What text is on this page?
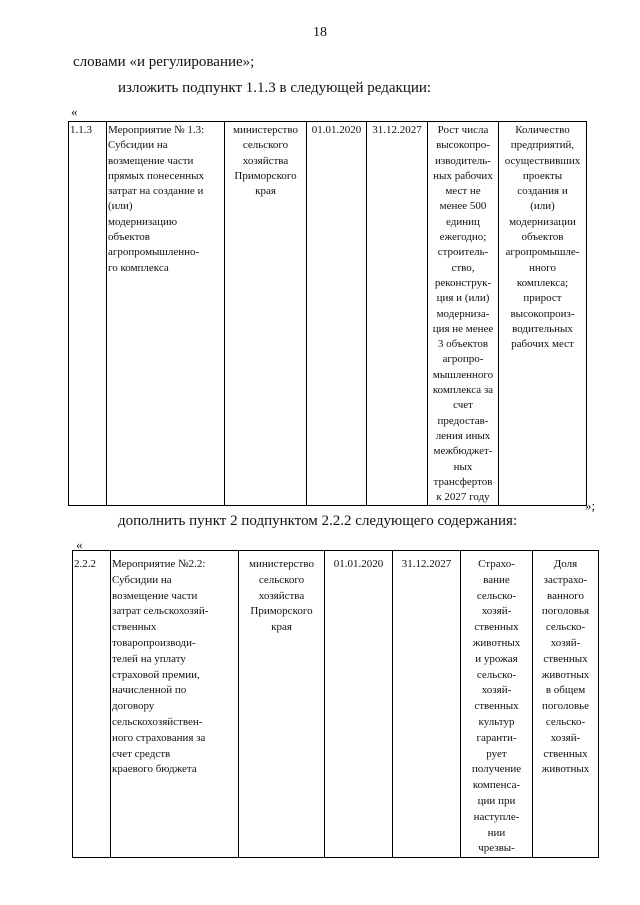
18
словами «и регулирование»;
изложить подпункт 1.1.3 в следующей редакции:
«
1.1.3	Мероприятие № 1.3:
Субсидии на
возмещение части
прямых понесенных
затрат на создание и
(или)
модернизацию
объектов
агропромышленно-
го комплекса	министерство
сельского
хозяйства
Приморского
края	01.01.2020	31.12.2027	Рост числа
высокопро-
изводитель-
ных рабочих
мест не
менее 500
единиц
ежегодно;
строитель-
ство,
реконструк-
ция и (или)
модерниза-
ция не менее
3 объектов
агропро-
мышленного
комплекса за
счет
предостав-
ления иных
межбюджет-
ных
трансфертов
к 2027 году	Количество
предприятий,
осуществивших
проекты
создания и
(или)
модернизации
объектов
агропромышле-
нного
комплекса;
прирост
высокопроиз-
водительных
рабочих мест
»;
дополнить пункт 2 подпунктом 2.2.2 следующего содержания:
«
2.2.2	Мероприятие №2.2:
Субсидии на
возмещение части
затрат сельскохозяй-
ственных
товаропроизводи-
телей на уплату
страховой премии,
начисленной по
договору
сельскохозяйствен-
ного страхования за
счет средств
краевого бюджета	министерство
сельского
хозяйства
Приморского
края	01.01.2020	31.12.2027	Страхо-
вание
сельско-
хозяй-
ственных
животных
и урожая
сельско-
хозяй-
ственных
культур
гаранти-
рует
получение
компенса-
ции при
наступле-
нии
чрезвы-	Доля
застрахо-
ванного
поголовья
сельско-
хозяй-
ственных
животных
в общем
поголовье
сельско-
хозяй-
ственных
животных
